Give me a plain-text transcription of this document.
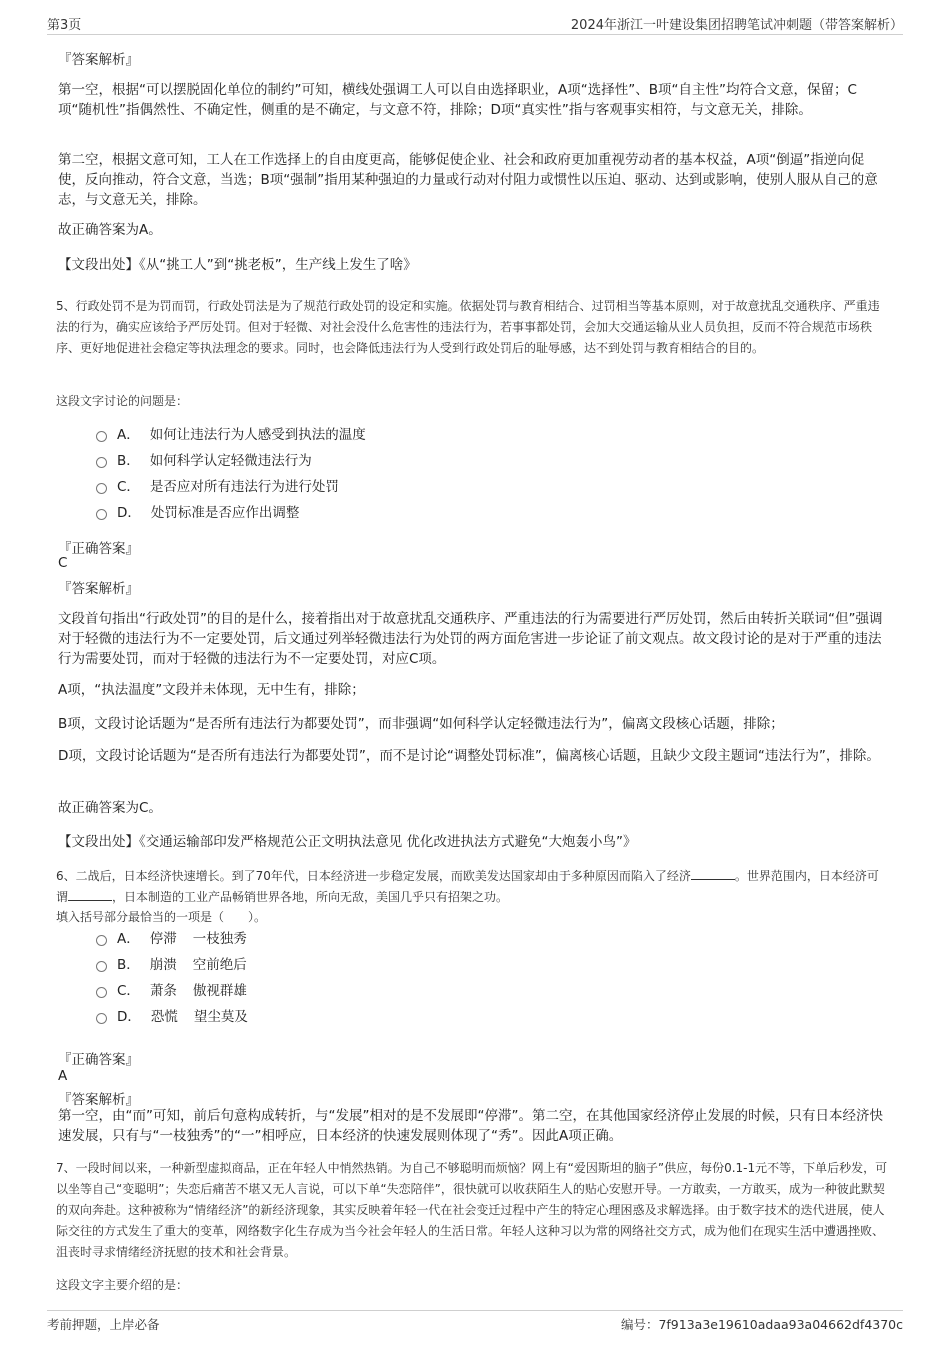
第3页	2024年浙江一叶建设集团招聘笔试冲刺题（带答案解析）
『答案解析』
第一空，根据“可以摆脱固化单位的制约”可知，横线处强调工人可以自由选择职业，A项“选择性”、B项“自主性”均符合文意，保留；C项“随机性”指偶然性、不确定性，侧重的是不确定，与文意不符，排除；D项“真实性”指与客观事实相符，与文意无关，排除。
第二空，根据文意可知，工人在工作选择上的自由度更高，能够促使企业、社会和政府更加重视劳动者的基本权益，A项“倒逼”指逆向促使，反向推动，符合文意，当选；B项“强制”指用某种强迫的力量或行动对付阻力或惯性以压迫、驱动、达到或影响，使别人服从自己的意志，与文意无关，排除。
故正确答案为A。
【文段出处】《从“挑工人”到“挑老板”，生产线上发生了啥》
5、行政处罚不是为罚而罚，行政处罚法是为了规范行政处罚的设定和实施。依据处罚与教育相结合、过罚相当等基本原则，对于故意扰乱交通秩序、严重违法的行为，确实应该给予严厉处罚。但对于轻微、对社会没什么危害性的违法行为，若事事都处罚，会加大交通运输从业人员负担，反而不符合规范市场秩序、更好地促进社会稳定等执法理念的要求。同时，也会降低违法行为人受到行政处罚后的耻辱感，达不到处罚与教育相结合的目的。
这段文字讨论的问题是：
A． 如何让违法行为人感受到执法的温度
B． 如何科学认定轻微违法行为
C． 是否应对所有违法行为进行处罚
D． 处罚标准是否应作出调整
『正确答案』
C
『答案解析』
文段首句指出“行政处罚”的目的是什么，接着指出对于故意扰乱交通秩序、严重违法的行为需要进行严厉处罚，然后由转折关联词“但”强调对于轻微的违法行为不一定要处罚，后文通过列举轻微违法行为处罚的两方面危害进一步论证了前文观点。故文段讨论的是对于严重的违法行为需要处罚，而对于轻微的违法行为不一定要处罚，对应C项。
A项，“执法温度”文段并未体现，无中生有，排除；
B项，文段讨论话题为“是否所有违法行为都要处罚”，而非强调“如何科学认定轻微违法行为”，偏离文段核心话题，排除；
D项，文段讨论话题为“是否所有违法行为都要处罚”，而不是讨论“调整处罚标准”，偏离核心话题，且缺少文段主题词“违法行为”，排除。
故正确答案为C。
【文段出处】《交通运输部印发严格规范公正文明执法意见 优化改进执法方式避免“大炮轰小鸟”》
6、二战后，日本经济快速增长。到了70年代，日本经济进一步稳定发展，而欧美发达国家却由于多种原因而陷入了经济	。世界范围内，日本经济可谓	，日本制造的工业产品畅销世界各地，所向无敌，美国几乎只有招架之功。
填入括号部分最恰当的一项是（　　）。
A． 停滞 一枝独秀
B． 崩溃 空前绝后
C． 萧条 傲视群雄
D． 恐慌 望尘莫及
『正确答案』
A
『答案解析』
第一空，由“而”可知，前后句意构成转折，与“发展”相对的是不发展即“停滞”。第二空，在其他国家经济停止发展的时候，只有日本经济快速发展，只有与“一枝独秀”的“一”相呼应，日本经济的快速发展则体现了“秀”。因此A项正确。
7、一段时间以来，一种新型虚拟商品，正在年轻人中悄然热销。为自己不够聪明而烦恼？网上有“爱因斯坦的脑子”供应，每份0.1-1元不等，下单后秒发，可以坐等自己“变聪明”；失恋后痛苦不堪又无人言说，可以下单“失恋陪伴”，很快就可以收获陌生人的贴心安慰开导。一方敢卖，一方敢买，成为一种彼此默契的双向奔赴。这种被称为“情绪经济”的新经济现象，其实反映着年轻一代在社会变迁过程中产生的特定心理困惑及求解选择。由于数字技术的迭代进展，使人际交往的方式发生了重大的变革，网络数字化生存成为当今社会年轻人的生活日常。年轻人这种习以为常的网络社交方式，成为他们在现实生活中遭遇挫败、沮丧时寻求情绪经济抚慰的技术和社会背景。
这段文字主要介绍的是：
考前押题，上岸必备	编号：7f913a3e19610adaa93a04662df4370c
